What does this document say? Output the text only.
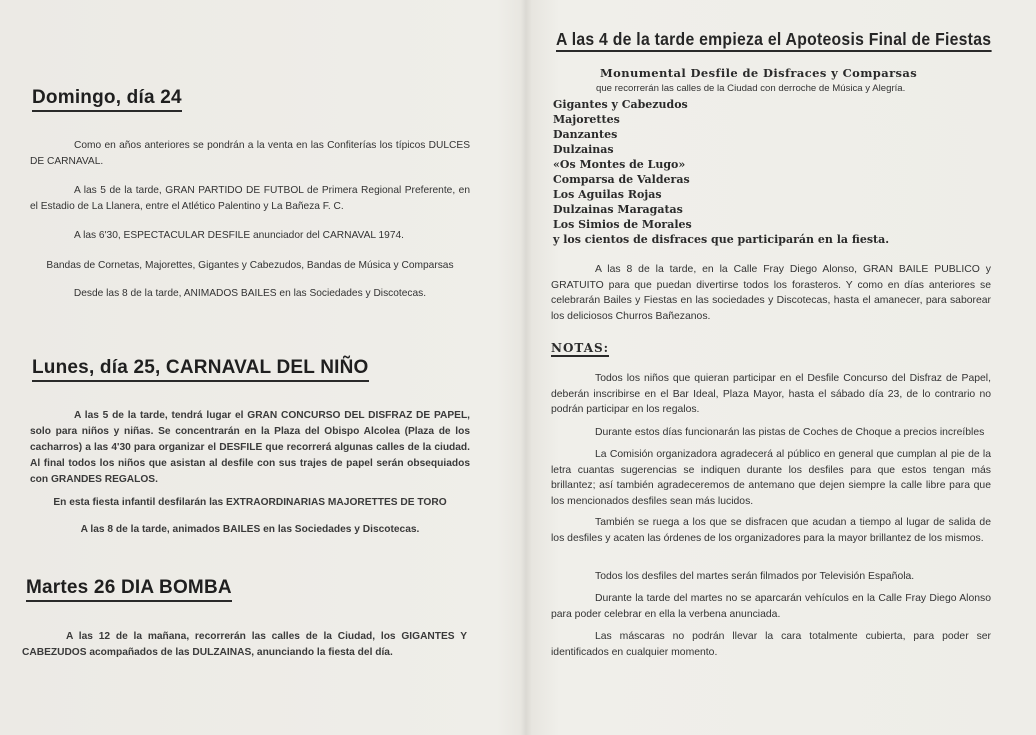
Domingo, día 24

Como en años anteriores se pondrán a la venta en las Confiterías los típicos DULCES DE CARNAVAL.

A las 5 de la tarde, GRAN PARTIDO DE FUTBOL de Primera Regional Preferente, en el Estadio de La Llanera, entre el Atlético Palentino y La Bañeza F. C.

A las 6'30, ESPECTACULAR DESFILE anunciador del CARNAVAL 1974.

Bandas de Cornetas, Majorettes, Gigantes y Cabezudos, Bandas de Música y Comparsas

Desde las 8 de la tarde, ANIMADOS BAILES en las Sociedades y Discotecas.

Lunes, día 25, CARNAVAL DEL NIÑO

A las 5 de la tarde, tendrá lugar el GRAN CONCURSO DEL DISFRAZ DE PAPEL, solo para niños y niñas. Se concentrarán en la Plaza del Obispo Alcolea (Plaza de los cacharros) a las 4'30 para organizar el DESFILE que recorrerá algunas calles de la ciudad. Al final todos los niños que asistan al desfile con sus trajes de papel serán obsequiados con GRANDES REGALOS.

En esta fiesta infantil desfilarán las EXTRAORDINARIAS MAJORETTES DE TORO

A las 8 de la tarde, animados BAILES en las Sociedades y Discotecas.

Martes 26 DIA BOMBA

A las 12 de la mañana, recorrerán las calles de la Ciudad, los GIGANTES Y CABEZUDOS acompañados de las DULZAINAS, anunciando la fiesta del día.

A las 4 de la tarde empieza el Apoteosis Final de Fiestas
Monumental Desfile de Disfraces y Comparsas
que recorrerán las calles de la Ciudad con derroche de Música y Alegría.
Gigantes y Cabezudos
Majorettes
Danzantes
Dulzainas
«Os Montes de Lugo»
Comparsa de Valderas
Los Aguilas Rojas
Dulzainas Maragatas
Los Simios de Morales
y los cientos de disfraces que participarán en la fiesta.

A las 8 de la tarde, en la Calle Fray Diego Alonso, GRAN BAILE PUBLICO y GRATUITO para que puedan divertirse todos los forasteros. Y como en días anteriores se celebrarán Bailes y Fiestas en las sociedades y Discotecas, hasta el amanecer, para saborear los deliciosos Churros Bañezanos.

NOTAS:

Todos los niños que quieran participar en el Desfile Concurso del Disfraz de Papel, deberán inscribirse en el Bar Ideal, Plaza Mayor, hasta el sábado día 23, de lo contrario no podrán participar en los regalos.

Durante estos días funcionarán las pistas de Coches de Choque a precios increíbles

La Comisión organizadora agradecerá al público en general que cumplan al pie de la letra cuantas sugerencias se indiquen durante los desfiles para que estos tengan más brillantez; así también agradeceremos de antemano que dejen siempre la calle libre para que los mencionados desfiles sean más lucidos.

También se ruega a los que se disfracen que acudan a tiempo al lugar de salida de los desfiles y acaten las órdenes de los organizadores para la mayor brillantez de los mismos.

Todos los desfiles del martes serán filmados por Televisión Española.

Durante la tarde del martes no se aparcarán vehículos en la Calle Fray Diego Alonso para poder celebrar en ella la verbena anunciada.

Las máscaras no podrán llevar la cara totalmente cubierta, para poder ser identificados en cualquier momento.
